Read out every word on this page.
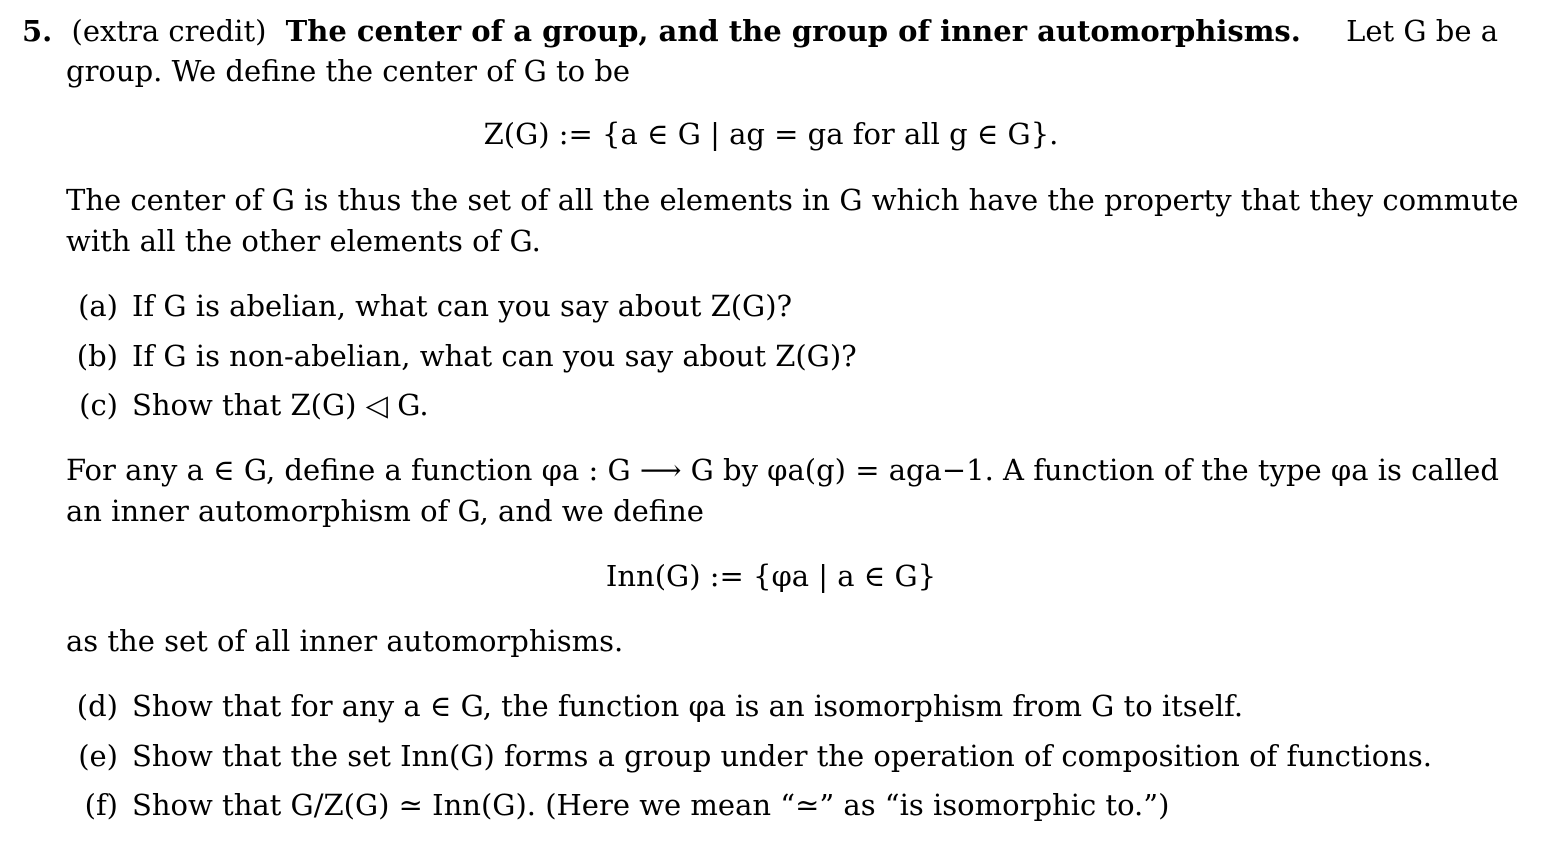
5. (extra credit) The center of a group, and the group of inner automorphisms. Let G be a
group. We define the center of G to be
Z(G) := {a ∈ G | ag = ga for all g ∈ G}.
The center of G is thus the set of all the elements in G which have the property that they commute
with all the other elements of G.
(a) If G is abelian, what can you say about Z(G)?
(b) If G is non-abelian, what can you say about Z(G)?
(c) Show that Z(G) ◁ G.
For any a ∈ G, define a function φa : G ⟶ G by φa(g) = aga−1. A function of the type φa is called
an inner automorphism of G, and we define
Inn(G) := {φa | a ∈ G}
as the set of all inner automorphisms.
(d) Show that for any a ∈ G, the function φa is an isomorphism from G to itself.
(e) Show that the set Inn(G) forms a group under the operation of composition of functions.
(f) Show that G/Z(G) ≃ Inn(G). (Here we mean “≃” as “is isomorphic to.”)
